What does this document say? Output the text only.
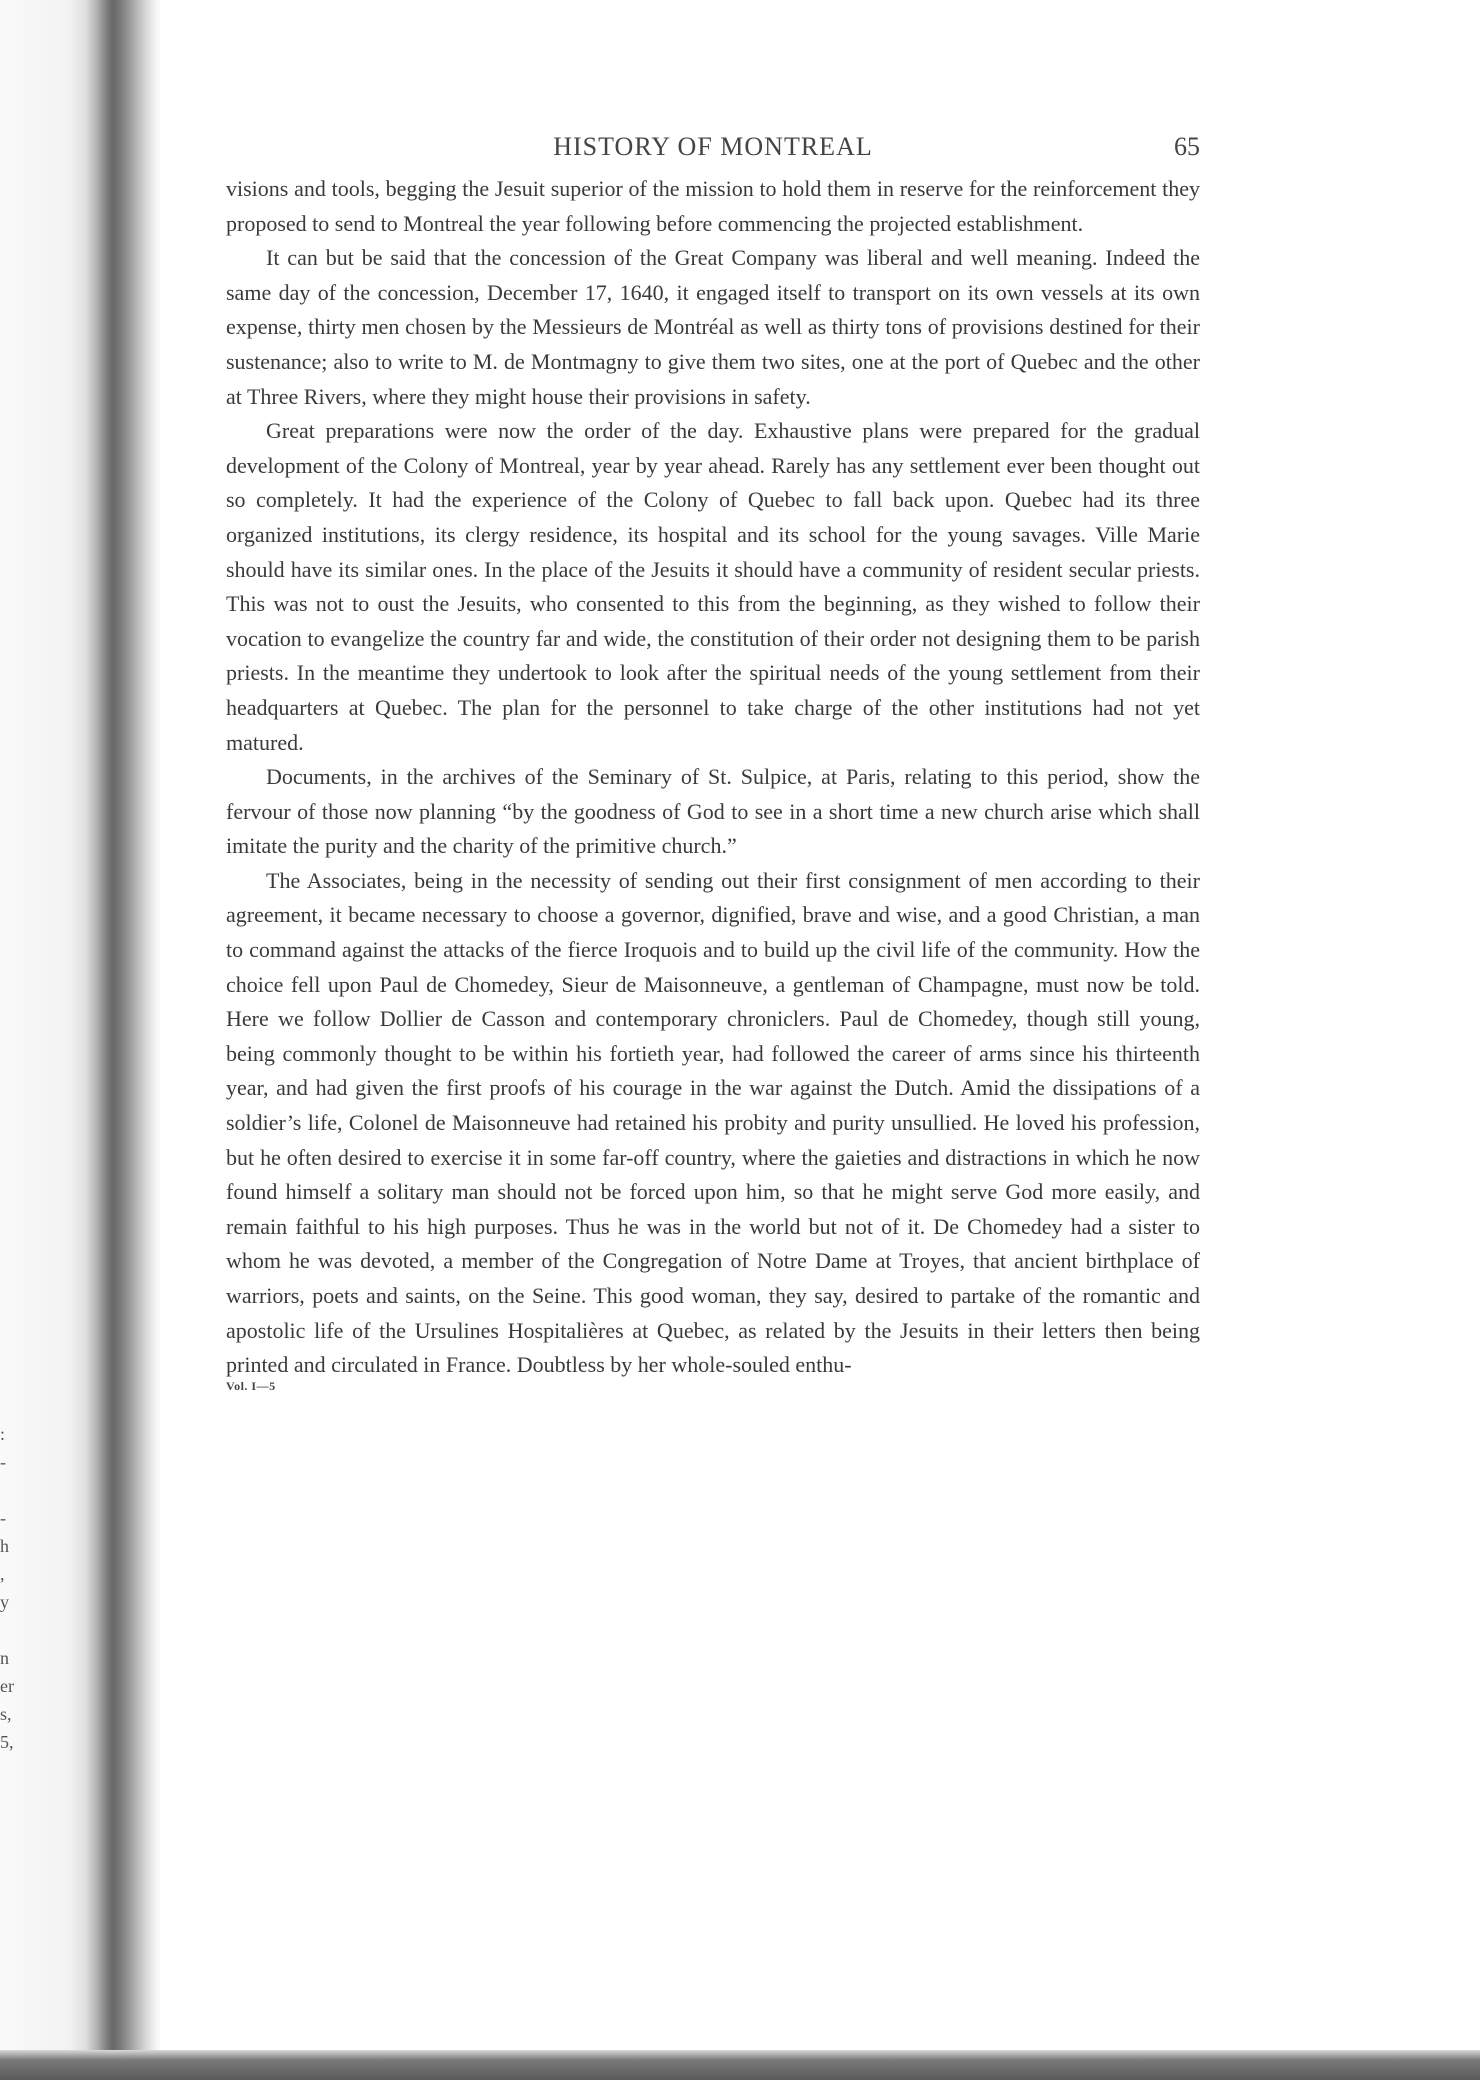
:
-
-
h
,
y
n
er
s,
5,
HISTORY OF MONTREAL	65

visions and tools, begging the Jesuit superior of the mission to hold them in reserve for the reinforcement they proposed to send to Montreal the year following before commencing the projected establishment.

It can but be said that the concession of the Great Company was liberal and well meaning. Indeed the same day of the concession, December 17, 1640, it engaged itself to transport on its own vessels at its own expense, thirty men chosen by the Messieurs de Montréal as well as thirty tons of provisions destined for their sustenance; also to write to M. de Montmagny to give them two sites, one at the port of Quebec and the other at Three Rivers, where they might house their provisions in safety.

Great preparations were now the order of the day. Exhaustive plans were prepared for the gradual development of the Colony of Montreal, year by year ahead. Rarely has any settlement ever been thought out so completely. It had the experience of the Colony of Quebec to fall back upon. Quebec had its three organized institutions, its clergy residence, its hospital and its school for the young savages. Ville Marie should have its similar ones. In the place of the Jesuits it should have a community of resident secular priests. This was not to oust the Jesuits, who consented to this from the beginning, as they wished to follow their vocation to evangelize the country far and wide, the constitution of their order not designing them to be parish priests. In the meantime they undertook to look after the spiritual needs of the young settlement from their headquarters at Quebec. The plan for the personnel to take charge of the other institutions had not yet matured.

Documents, in the archives of the Seminary of St. Sulpice, at Paris, relating to this period, show the fervour of those now planning “by the goodness of God to see in a short time a new church arise which shall imitate the purity and the charity of the primitive church.”

The Associates, being in the necessity of sending out their first consignment of men according to their agreement, it became necessary to choose a governor, dignified, brave and wise, and a good Christian, a man to command against the attacks of the fierce Iroquois and to build up the civil life of the community. How the choice fell upon Paul de Chomedey, Sieur de Maisonneuve, a gentleman of Champagne, must now be told. Here we follow Dollier de Casson and contemporary chroniclers. Paul de Chomedey, though still young, being commonly thought to be within his fortieth year, had followed the career of arms since his thirteenth year, and had given the first proofs of his courage in the war against the Dutch. Amid the dissipations of a soldier’s life, Colonel de Maisonneuve had retained his probity and purity unsullied. He loved his profession, but he often desired to exercise it in some far-off country, where the gaieties and distractions in which he now found himself a solitary man should not be forced upon him, so that he might serve God more easily, and remain faithful to his high purposes. Thus he was in the world but not of it. De Chomedey had a sister to whom he was devoted, a member of the Congregation of Notre Dame at Troyes, that ancient birthplace of warriors, poets and saints, on the Seine. This good woman, they say, desired to partake of the romantic and apostolic life of the Ursulines Hospitalières at Quebec, as related by the Jesuits in their letters then being printed and circulated in France. Doubtless by her whole-souled enthu-

Vol. I—5
